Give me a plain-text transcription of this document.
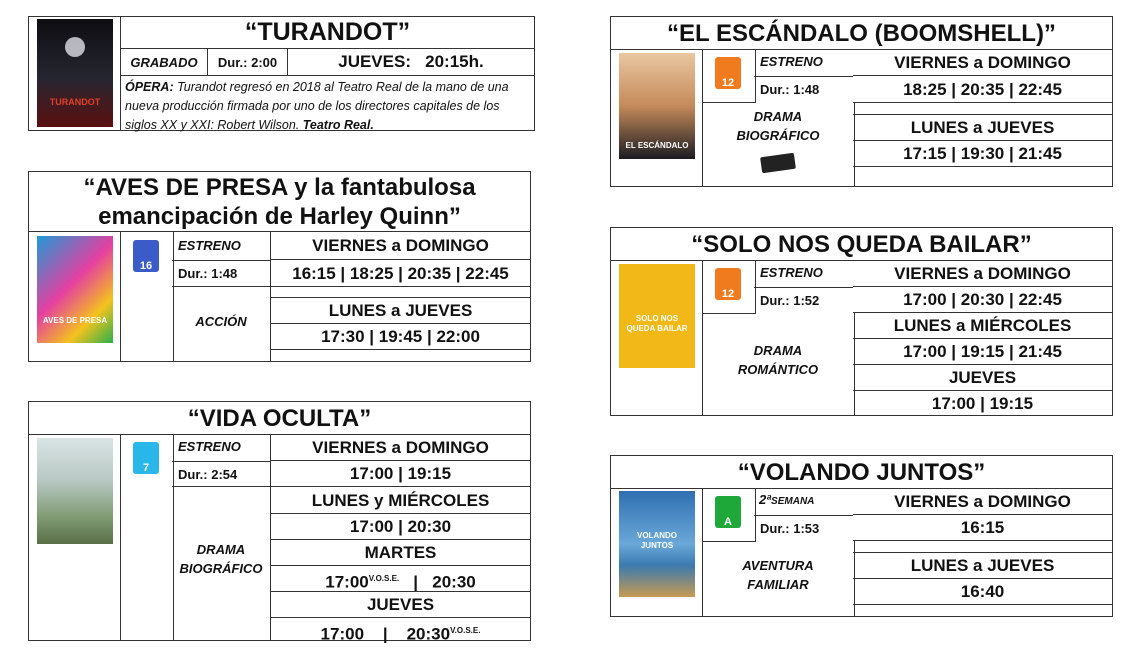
TURANDOT
“TURANDOT”
GRABADO	Dur.: 2:00	JUEVES:   20:15h.
ÓPERA: Turandot regresó en 2018 al Teatro Real de la mano de una nueva producción firmada por uno de los directores capitales de los siglos XX y XXI: Robert Wilson. Teatro Real.
“AVES DE PRESA y la fantabulosa
emancipación de Harley Quinn”
AVES DE PRESA
16
ESTRENO
Dur.: 1:48
ACCIÓN
VIERNES a DOMINGO
16:15 | 18:25 | 20:35 | 22:45
LUNES a JUEVES
17:30 | 19:45 | 22:00
“VIDA OCULTA”
7
ESTRENO
Dur.: 2:54
DRAMA
BIOGRÁFICO
VIERNES a DOMINGO
17:00 | 19:15
LUNES y MIÉRCOLES
17:00 | 20:30
MARTES
$17:00^{V.O.S.E.}$   |   20:30
JUEVES
17:00    |    $20:30^{V.O.S.E.}$
“EL ESCÁNDALO (BOOMSHELL)”
EL ESCÁNDALO
12
ESTRENO
Dur.: 1:48
DRAMA
BIOGRÁFICO
VIERNES a DOMINGO
18:25 | 20:35 | 22:45
LUNES a JUEVES
17:15 | 19:30 | 21:45
“SOLO NOS QUEDA BAILAR”
SOLO NOS QUEDA BAILAR
12
ESTRENO
Dur.: 1:52
DRAMA
ROMÁNTICO
VIERNES a DOMINGO
17:00 | 20:30 | 22:45
LUNES a MIÉRCOLES
17:00 | 19:15 | 21:45
JUEVES
17:00 | 19:15
“VOLANDO JUNTOS”
VOLANDO JUNTOS
A
2ªSEMANA
Dur.: 1:53
AVENTURA
FAMILIAR
VIERNES a DOMINGO
16:15
LUNES a JUEVES
16:40
